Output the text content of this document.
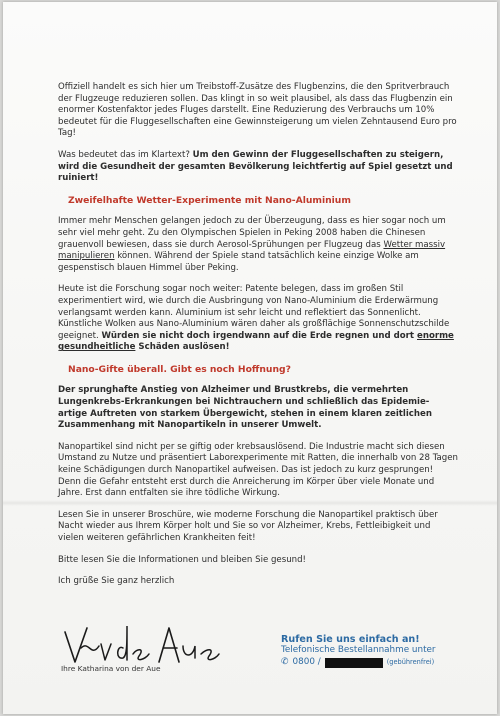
Offiziell handelt es sich hier um Treibstoff-Zusätze des Flugbenzins, die den Spritverbrauch der Flugzeuge reduzieren sollen. Das klingt in so weit plausibel, als dass das Flugbenzin ein enormer Kostenfaktor jedes Fluges darstellt. Eine Reduzierung des Verbrauchs um 10% bedeutet für die Fluggesellschaften eine Gewinnsteigerung um vielen Zehntausend Euro pro Tag!

Was bedeutet das im Klartext? Um den Gewinn der Fluggesellschaften zu steigern, wird die Gesundheit der gesamten Bevölkerung leichtfertig auf Spiel gesetzt und ruiniert!

Zweifelhafte Wetter-Experimente mit Nano-Aluminium

Immer mehr Menschen gelangen jedoch zu der Überzeugung, dass es hier sogar noch um sehr viel mehr geht. Zu den Olympischen Spielen in Peking 2008 haben die Chinesen grauenvoll bewiesen, dass sie durch Aerosol-Sprühungen per Flugzeug das Wetter massiv manipulieren können. Während der Spiele stand tatsächlich keine einzige Wolke am gespenstisch blauen Himmel über Peking.

Heute ist die Forschung sogar noch weiter: Patente belegen, dass im großen Stil experimentiert wird, wie durch die Ausbringung von Nano-Aluminium die Erderwärmung verlangsamt werden kann. Aluminium ist sehr leicht und reflektiert das Sonnenlicht. Künstliche Wolken aus Nano-Aluminium wären daher als großflächige Sonnenschutzschilde geeignet. Würden sie nicht doch irgendwann auf die Erde regnen und dort enorme gesundheitliche Schäden auslösen!

Nano-Gifte überall. Gibt es noch Hoffnung?

Der sprunghafte Anstieg von Alzheimer und Brustkrebs, die vermehrten Lungenkrebs-Erkrankungen bei Nichtrauchern und schließlich das Epidemie-artige Auftreten von starkem Übergewicht, stehen in einem klaren zeitlichen Zusammenhang mit Nanopartikeln in unserer Umwelt.

Nanopartikel sind nicht per se giftig oder krebsauslösend. Die Industrie macht sich diesen Umstand zu Nutze und präsentiert Laborexperimente mit Ratten, die innerhalb von 28 Tagen keine Schädigungen durch Nanopartikel aufweisen. Das ist jedoch zu kurz gesprungen! Denn die Gefahr entsteht erst durch die Anreicherung im Körper über viele Monate und Jahre. Erst dann entfalten sie ihre tödliche Wirkung.

Lesen Sie in unserer Broschüre, wie moderne Forschung die Nanopartikel praktisch über Nacht wieder aus Ihrem Körper holt und Sie so vor Alzheimer, Krebs, Fettleibigkeit und vielen weiteren gefährlichen Krankheiten feit!

Bitte lesen Sie die Informationen und bleiben Sie gesund!

Ich grüße Sie ganz herzlich

Ihre Katharina von der Aue
Rufen Sie uns einfach an!
Telefonische Bestellannahme unter
✆ 0800 /	(gebührenfrei)
